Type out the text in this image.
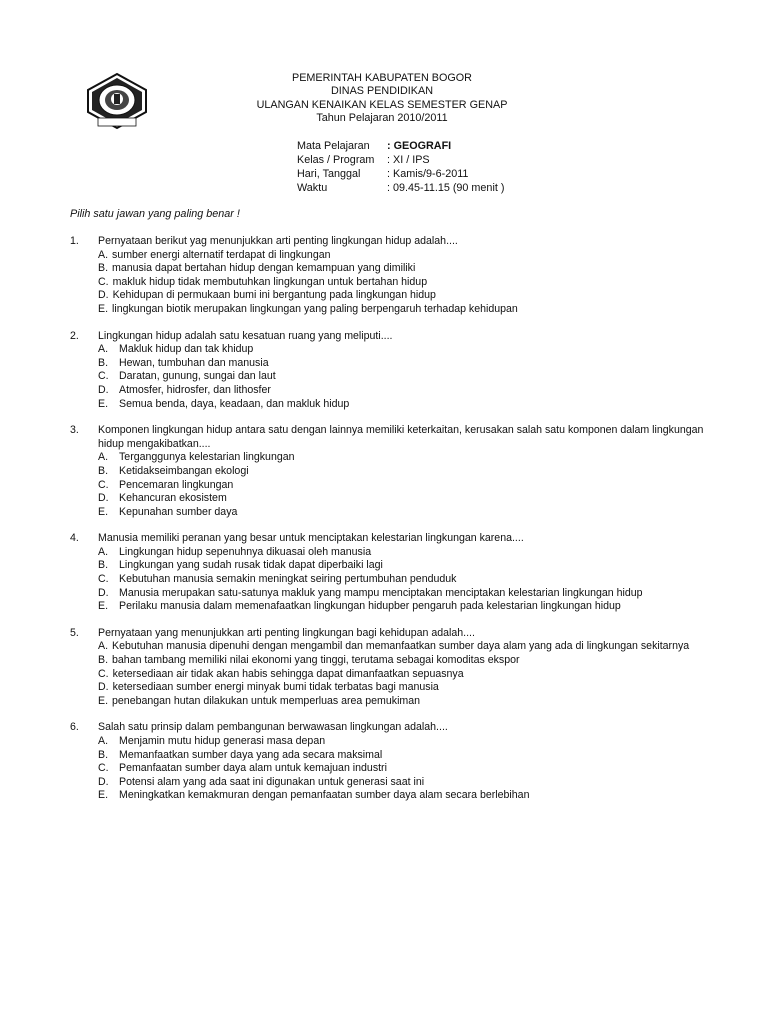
PEMERINTAH KABUPATEN BOGOR
DINAS PENDIDIKAN
ULANGAN KENAIKAN KELAS SEMESTER GENAP
Tahun Pelajaran 2010/2011
Mata Pelajaran	: GEOGRAFI
Kelas / Program	: XI / IPS
Hari, Tanggal	: Kamis/9-6-2011
Waktu	: 09.45-11.15 (90 menit )
Pilih satu jawan yang paling benar !
1.	Pernyataan berikut yag menunjukkan arti penting lingkungan hidup adalah....
A. sumber energi alternatif terdapat di lingkungan
B. manusia dapat bertahan hidup dengan kemampuan yang dimiliki
C. makluk hidup tidak membutuhkan lingkungan untuk bertahan hidup
D. Kehidupan di permukaan bumi ini bergantung pada lingkungan hidup
E. lingkungan biotik merupakan lingkungan yang paling berpengaruh terhadap kehidupan
2.	Lingkungan hidup adalah satu kesatuan ruang yang meliputi....
A.	Makluk hidup dan tak khidup
B.	Hewan, tumbuhan dan manusia
C. Daratan, gunung, sungai dan laut
D. Atmosfer, hidrosfer, dan lithosfer
E.	Semua benda, daya, keadaan, dan makluk hidup
3.	Komponen lingkungan hidup antara satu dengan lainnya memiliki keterkaitan, kerusakan salah satu komponen dalam lingkungan hidup mengakibatkan....
A.	Terganggunya kelestarian lingkungan
B.	Ketidakseimbangan ekologi
C. Pencemaran lingkungan
D. Kehancuran ekosistem
E.	Kepunahan sumber daya
4.	Manusia memiliki peranan yang besar untuk menciptakan kelestarian lingkungan karena....
A.	Lingkungan hidup sepenuhnya dikuasai oleh manusia
B.	Lingkungan yang sudah rusak tidak dapat diperbaiki lagi
C. Kebutuhan manusia semakin meningkat seiring pertumbuhan penduduk
D. Manusia merupakan satu-satunya makluk yang mampu menciptakan menciptakan kelestarian lingkungan hidup
E.	Perilaku manusia dalam memenafaatkan lingkungan hidupber pengaruh pada kelestarian lingkungan hidup
5.	Pernyataan yang menunjukkan arti penting lingkungan bagi kehidupan adalah....
A. Kebutuhan manusia dipenuhi dengan mengambil dan memanfaatkan sumber daya alam yang ada di lingkungan sekitarnya
B. bahan tambang memiliki nilai ekonomi yang tinggi, terutama sebagai komoditas ekspor
C. ketersediaan air tidak akan habis sehingga dapat dimanfaatkan sepuasnya
D. ketersediaan sumber energi minyak bumi tidak terbatas bagi manusia
E. penebangan hutan dilakukan untuk memperluas area pemukiman
6.	Salah satu prinsip dalam pembangunan berwawasan lingkungan adalah....
A.	Menjamin mutu hidup generasi masa depan
B.	Memanfaatkan sumber daya yang ada secara maksimal
C. Pemanfaatan sumber daya alam untuk kemajuan industri
D. Potensi alam yang ada saat ini digunakan untuk generasi saat ini
E.	Meningkatkan kemakmuran dengan pemanfaatan sumber daya alam secara berlebihan
